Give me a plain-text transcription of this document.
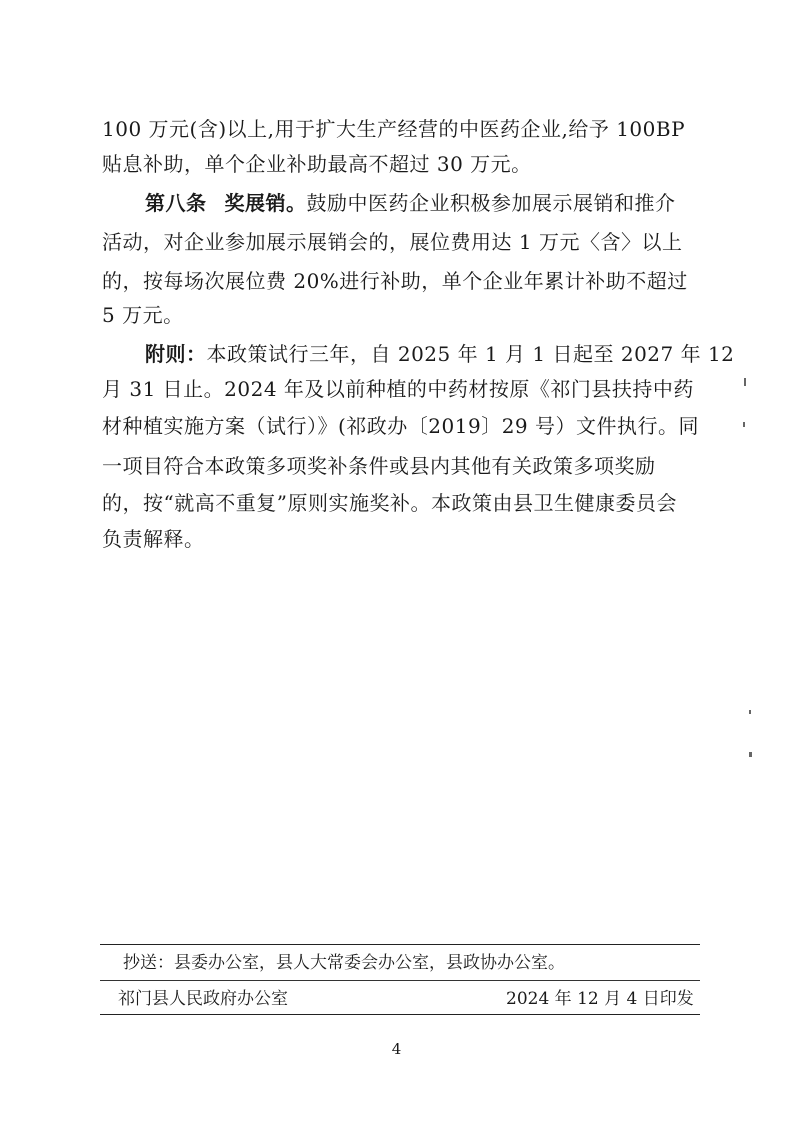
100 万元(含)以上,用于扩大生产经营的中医药企业,给予 100BP
贴息补助，单个企业补助最高不超过 30 万元。
第八条 奖展销。鼓励中医药企业积极参加展示展销和推介
活动，对企业参加展示展销会的，展位费用达 1 万元〈含〉以上
的，按每场次展位费 20%进行补助，单个企业年累计补助不超过
5 万元。
附则：本政策试行三年，自 2025 年 1 月 1 日起至 2027 年 12
月 31 日止。2024 年及以前种植的中药材按原《祁门县扶持中药
材种植实施方案（试行）》(祁政办〔2019〕29 号）文件执行。同
一项目符合本政策多项奖补条件或县内其他有关政策多项奖励
的，按“就高不重复”原则实施奖补。本政策由县卫生健康委员会
负责解释。
抄送：县委办公室，县人大常委会办公室，县政协办公室。
祁门县人民政府办公室	2024 年 12 月 4 日印发
4
